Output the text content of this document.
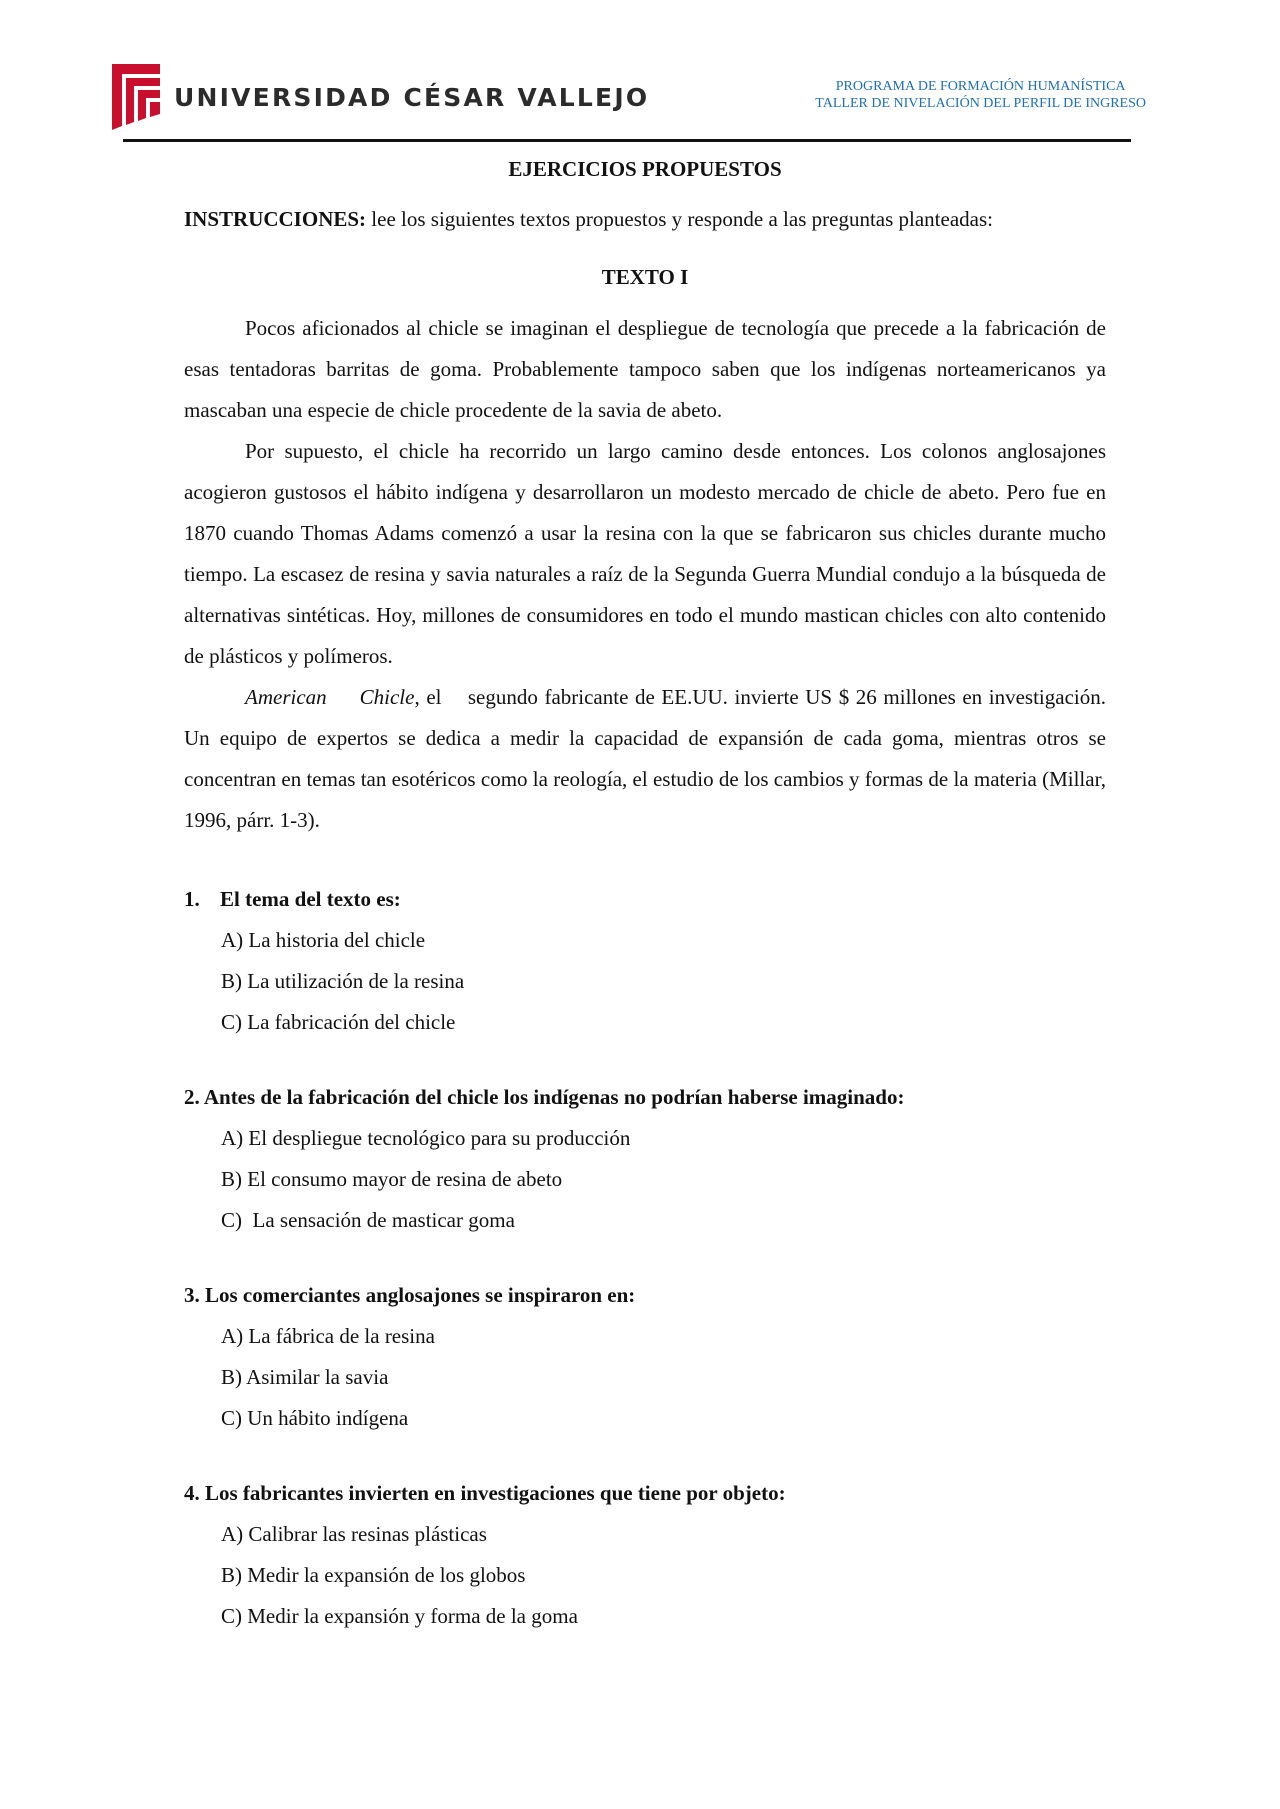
UNIVERSIDAD CÉSAR VALLEJO	PROGRAMA DE FORMACIÓN HUMANÍSTICA
TALLER DE NIVELACIÓN DEL PERFIL DE INGRESO
EJERCICIOS PROPUESTOS
INSTRUCCIONES: lee los siguientes textos propuestos y responde a las preguntas planteadas:
TEXTO I

Pocos aficionados al chicle se imaginan el despliegue de tecnología que precede a la fabricación de esas tentadoras barritas de goma. Probablemente tampoco saben que los indígenas norteamericanos ya mascaban una especie de chicle procedente de la savia de abeto.

Por supuesto, el chicle ha recorrido un largo camino desde entonces. Los colonos anglosajones acogieron gustosos el hábito indígena y desarrollaron un modesto mercado de chicle de abeto. Pero fue en 1870 cuando Thomas Adams comenzó a usar la resina con la que se fabricaron sus chicles durante mucho tiempo. La escasez de resina y savia naturales a raíz de la Segunda Guerra Mundial condujo a la búsqueda de alternativas sintéticas. Hoy, millones de consumidores en todo el mundo mastican chicles con alto contenido de plásticos y polímeros.

American     Chicle, el    segundo fabricante de EE.UU. invierte US $ 26 millones en investigación. Un equipo de expertos se dedica a medir la capacidad de expansión de cada goma, mientras otros se concentran en temas tan esotéricos como la reología, el estudio de los cambios y formas de la materia (Millar, 1996, párr. 1-3).

1. El tema del texto es:
A) La historia del chicle
B) La utilización de la resina
C) La fabricación del chicle
2. Antes de la fabricación del chicle los indígenas no podrían haberse imaginado:
A) El despliegue tecnológico para su producción
B) El consumo mayor de resina de abeto
C)  La sensación de masticar goma
3. Los comerciantes anglosajones se inspiraron en:
A) La fábrica de la resina
B) Asimilar la savia
C) Un hábito indígena
4. Los fabricantes invierten en investigaciones que tiene por objeto:
A) Calibrar las resinas plásticas
B) Medir la expansión de los globos
C) Medir la expansión y forma de la goma
